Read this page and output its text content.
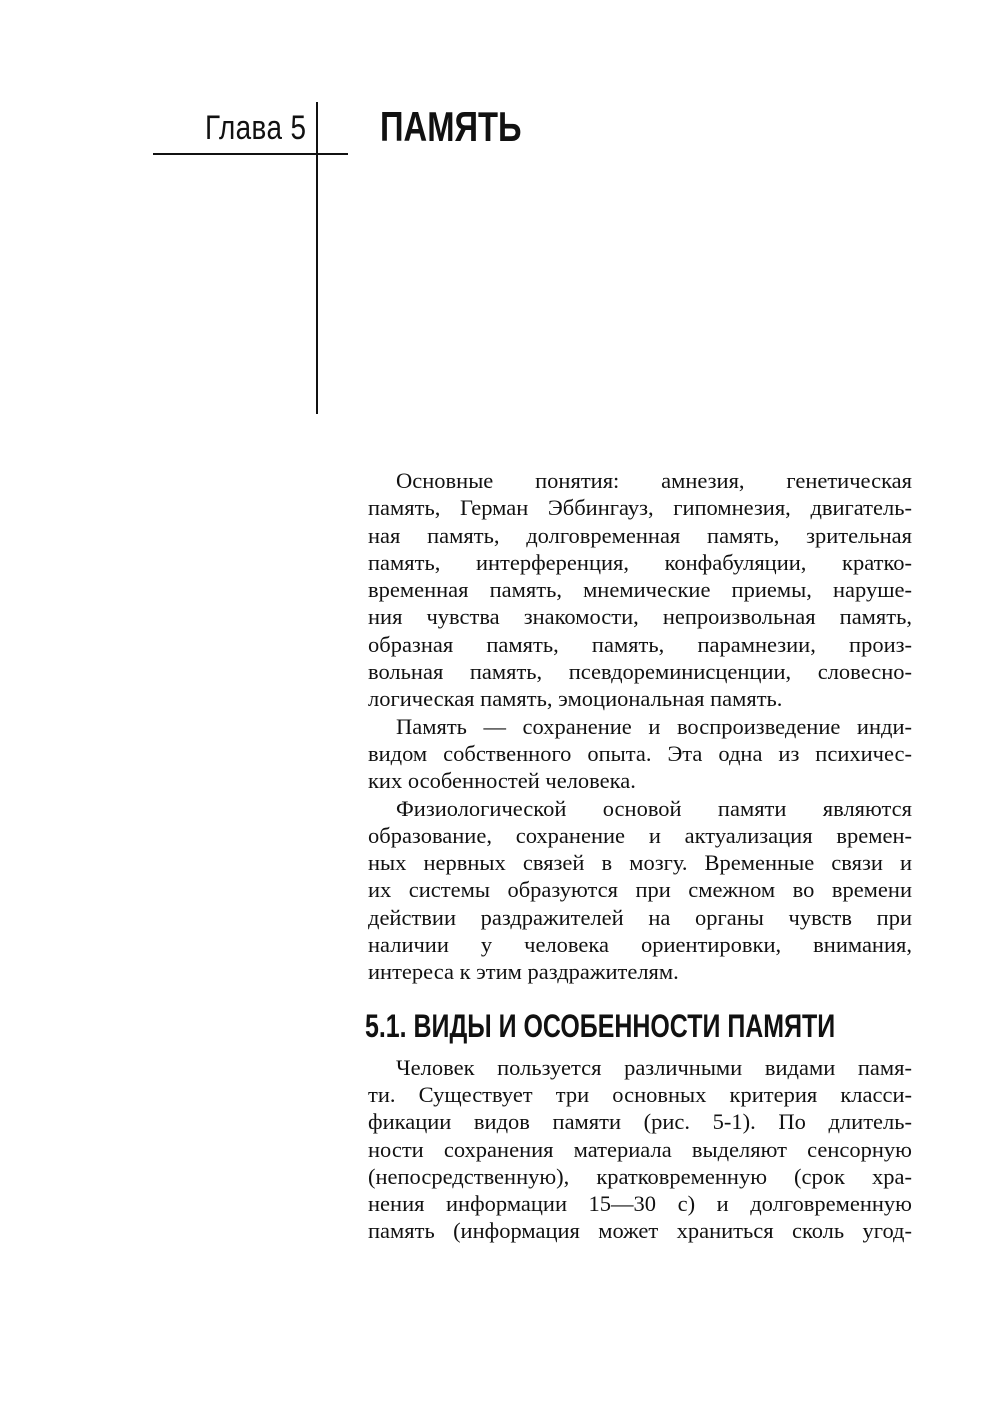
Глава 5 ПАМЯТЬ
Основные понятия: амнезия, генетическая
память, Герман Эббингауз, гипомнезия, двигатель-
ная память, долговременная память, зрительная
память, интерференция, конфабуляции, кратко-
временная память, мнемические приемы, наруше-
ния чувства знакомости, непроизвольная память,
образная память, память, парамнезии, произ-
вольная память, псевдореминисценции, словесно-
логическая память, эмоциональная память.
Память — сохранение и воспроизведение инди-
видом собственного опыта. Эта одна из психичес-
ких особенностей человека.
Физиологической основой памяти являются
образование, сохранение и актуализация времен-
ных нервных связей в мозгу. Временные связи и
их системы образуются при смежном во времени
действии раздражителей на органы чувств при
наличии у человека ориентировки, внимания,
интереса к этим раздражителям.
5.1. ВИДЫ И ОСОБЕННОСТИ ПАМЯТИ
Человек пользуется различными видами памя-
ти. Существует три основных критерия класси-
фикации видов памяти (рис. 5-1). По длитель-
ности сохранения материала выделяют сенсорную
(непосредственную), кратковременную (срок хра-
нения информации 15—30 с) и долговременную
память (информация может храниться сколь угод-
